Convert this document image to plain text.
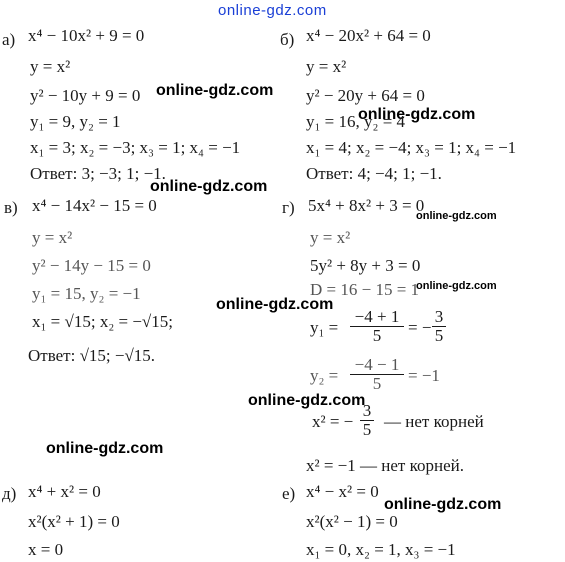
online-gdz.com
online-gdz.com
online-gdz.com
online-gdz.com
online-gdz.com
online-gdz.com
online-gdz.com
online-gdz.com
online-gdz.com
online-gdz.com
а) x⁴ − 10x² + 9 = 0
y = x²
y² − 10y + 9 = 0
y₁ = 9, y₂ = 1
x₁ = 3; x₂ = −3; x₃ = 1; x₄ = −1
Ответ: 3; −3; 1; −1.
б) x⁴ − 20x² + 64 = 0
y = x²
y² − 20y + 64 = 0
y₁ = 16, y₂ = 4
x₁ = 4; x₂ = −4; x₃ = 1; x₄ = −1
Ответ: 4; −4; 1; −1.
в) x⁴ − 14x² − 15 = 0
y = x²
y² − 14y − 15 = 0
y₁ = 15, y₂ = −1
x₁ = √15; x₂ = −√15;
Ответ: √15; −√15.
г) 5x⁴ + 8x² + 3 = 0
y = x²
5y² + 8y + 3 = 0
D = 16 − 15 = 1
$y_1 = \frac{-4 + 1}{5}$ = − $\frac{3}{5}$
$y_2 = \frac{-4 - 1}{5} = -1$
x² = − $\frac{3}{5}$ — нет корней
x² = −1 — нет корней.
д) x⁴ + x² = 0
x²(x² + 1) = 0
x = 0
е) x⁴ − x² = 0
x²(x² − 1) = 0
x₁ = 0, x₂ = 1, x₃ = −1
